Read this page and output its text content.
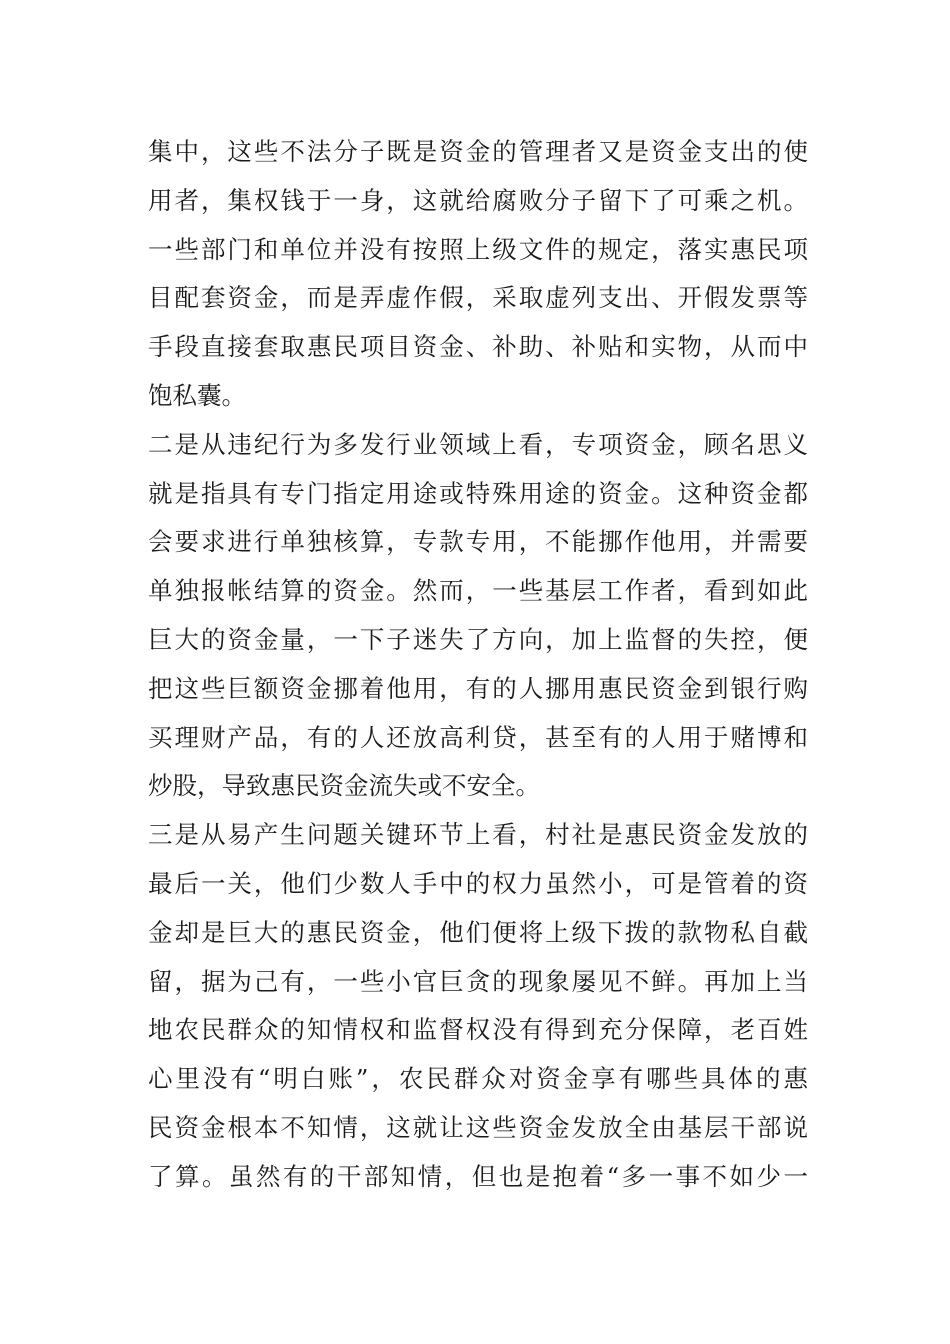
集中，这些不法分子既是资金的管理者又是资金支出的使
用者，集权钱于一身，这就给腐败分子留下了可乘之机。
一些部门和单位并没有按照上级文件的规定，落实惠民项
目配套资金，而是弄虚作假，采取虚列支出、开假发票等
手段直接套取惠民项目资金、补助、补贴和实物，从而中
饱私囊。
二是从违纪行为多发行业领域上看，专项资金，顾名思义
就是指具有专门指定用途或特殊用途的资金。这种资金都
会要求进行单独核算，专款专用，不能挪作他用，并需要
单独报帐结算的资金。然而，一些基层工作者，看到如此
巨大的资金量，一下子迷失了方向，加上监督的失控，便
把这些巨额资金挪着他用，有的人挪用惠民资金到银行购
买理财产品，有的人还放高利贷，甚至有的人用于赌博和
炒股，导致惠民资金流失或不安全。
三是从易产生问题关键环节上看，村社是惠民资金发放的
最后一关，他们少数人手中的权力虽然小，可是管着的资
金却是巨大的惠民资金，他们便将上级下拨的款物私自截
留，据为己有，一些小官巨贪的现象屡见不鲜。再加上当
地农民群众的知情权和监督权没有得到充分保障，老百姓
心里没有“明白账”，农民群众对资金享有哪些具体的惠
民资金根本不知情，这就让这些资金发放全由基层干部说
了算。虽然有的干部知情，但也是抱着“多一事不如少一
